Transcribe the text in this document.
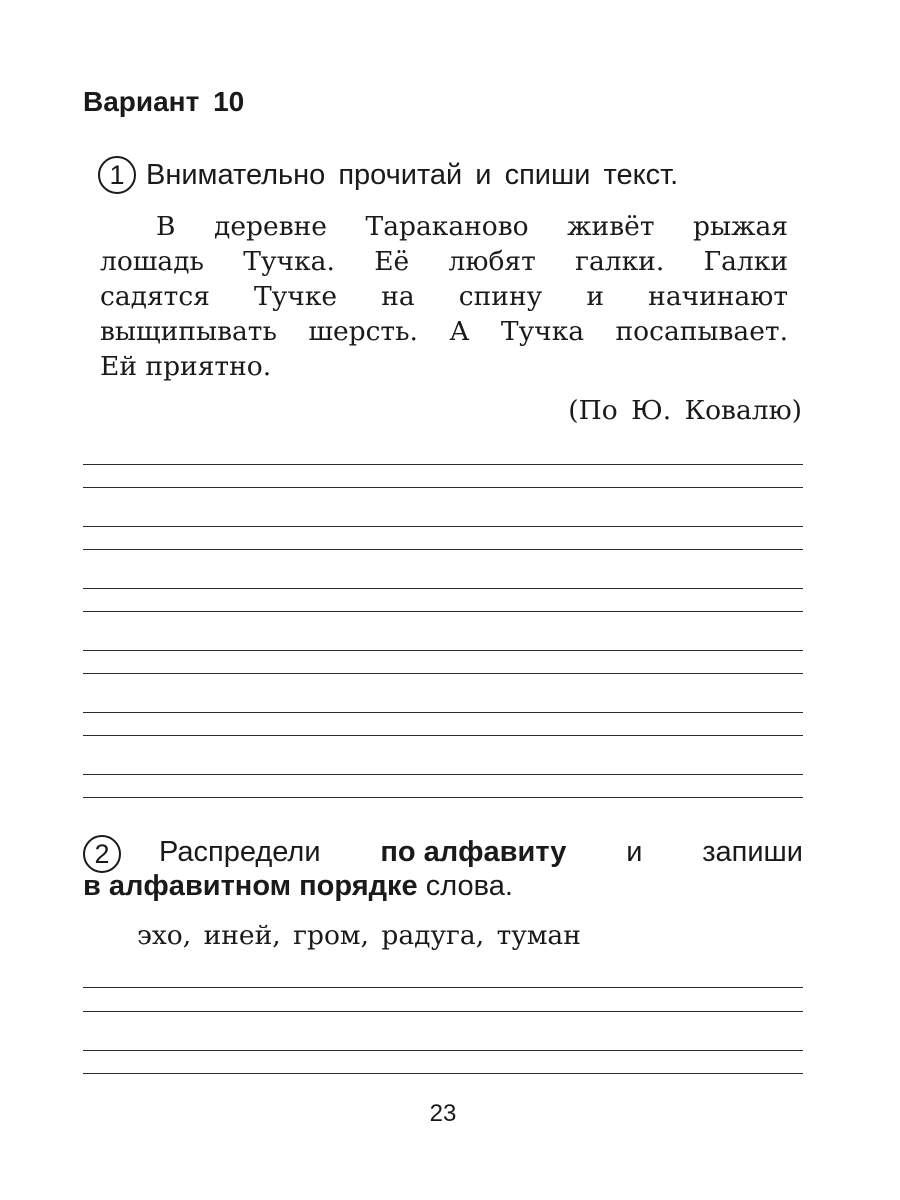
Вариант 10
1 Внимательно прочитай и спиши текст.

В деревне Тараканово живёт рыжая
лошадь Тучка. Её любят галки. Галки
садятся Тучке на спину и начинают
выщипывать шерсть. А Тучка посапывает.
Ей приятно.

(По Ю. Ковалю)

2 Распредели по алфавиту и запиши
в алфавитном порядке слова.

эхо, иней, гром, радуга, туман

23
